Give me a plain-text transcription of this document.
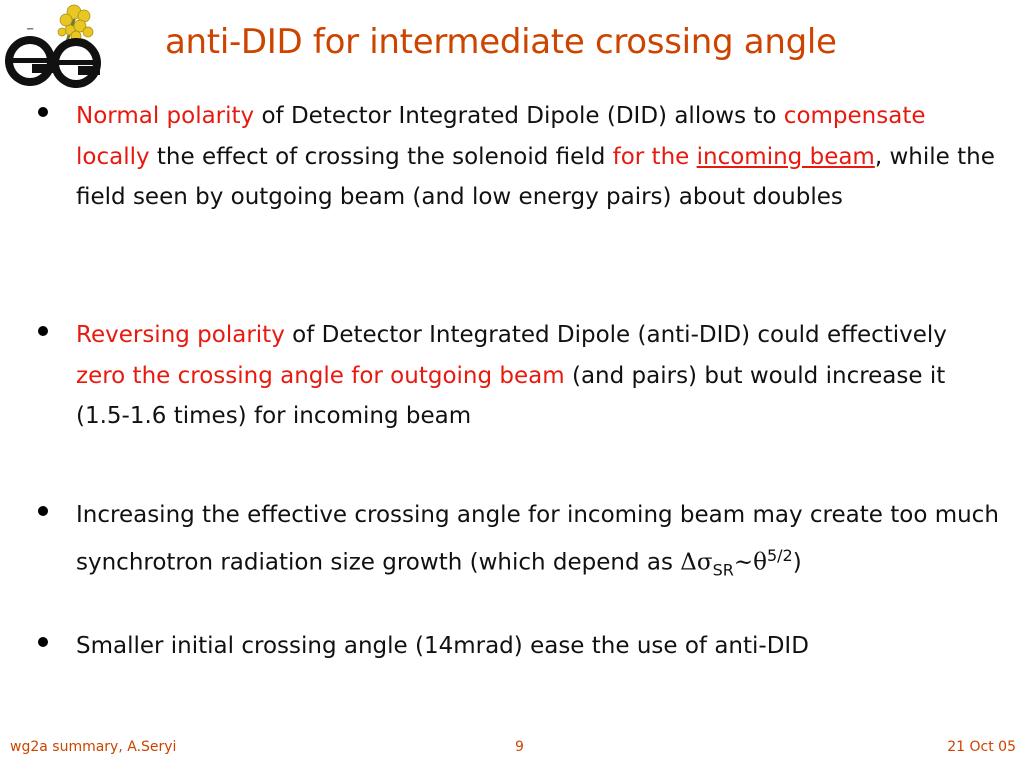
−
+
anti-DID for intermediate crossing angle
Normal polarity of Detector Integrated Dipole (DID) allows to compensate locally the effect of crossing the solenoid field for the incoming beam, while the field seen by outgoing beam (and low energy pairs) about doubles
Reversing polarity of Detector Integrated Dipole (anti-DID) could effectively zero the crossing angle for outgoing beam (and pairs) but would increase it (1.5-1.6 times) for incoming beam
Increasing the effective crossing angle for incoming beam may create too much synchrotron radiation size growth (which depend as $\Delta\sigma_{SR}\sim\theta^{5/2}$)
Smaller initial crossing angle (14mrad) ease the use of anti-DID
wg2a summary, A.Seryi	9	21 Oct 05
